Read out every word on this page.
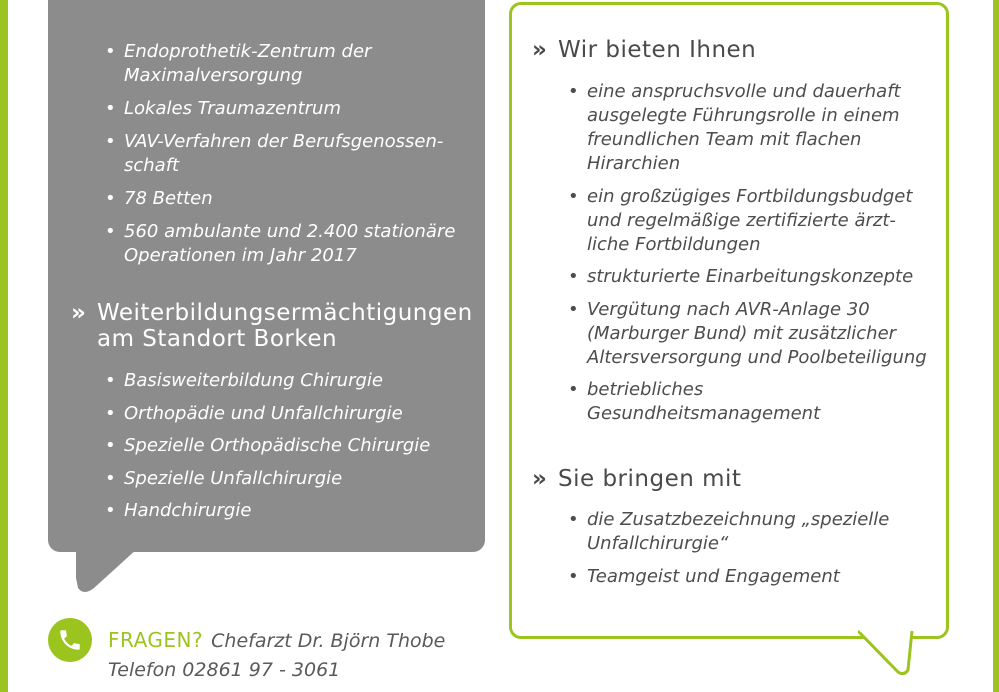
• Endoprothetik-Zentrum der Maximalversorgung
• Lokales Traumazentrum
• VAV-Verfahren der Berufsgenossen-schaft
• 78 Betten
• 560 ambulante und 2.400 stationäre Operationen im Jahr 2017
» Weiterbildungsermächtigungen am Standort Borken
• Basisweiterbildung Chirurgie
• Orthopädie und Unfallchirurgie
• Spezielle Orthopädische Chirurgie
• Spezielle Unfallchirurgie
• Handchirurgie
» Wir bieten Ihnen
• eine anspruchsvolle und dauerhaft ausgelegte Führungsrolle in einem freundlichen Team mit flachen Hirarchien
• ein großzügiges Fortbildungsbudget und regelmäßige zertifizierte ärzt-liche Fortbildungen
• strukturierte Einarbeitungskonzepte
• Vergütung nach AVR-Anlage 30 (Marburger Bund) mit zusätzlicher Altersversorgung und Poolbeteiligung
• betriebliches Gesundheitsmanagement
» Sie bringen mit
• die Zusatzbezeichnung „spezielle Unfallchirurgie“
• Teamgeist und Engagement
FRAGEN? Chefarzt Dr. Björn Thobe
Telefon 02861 97 - 3061
